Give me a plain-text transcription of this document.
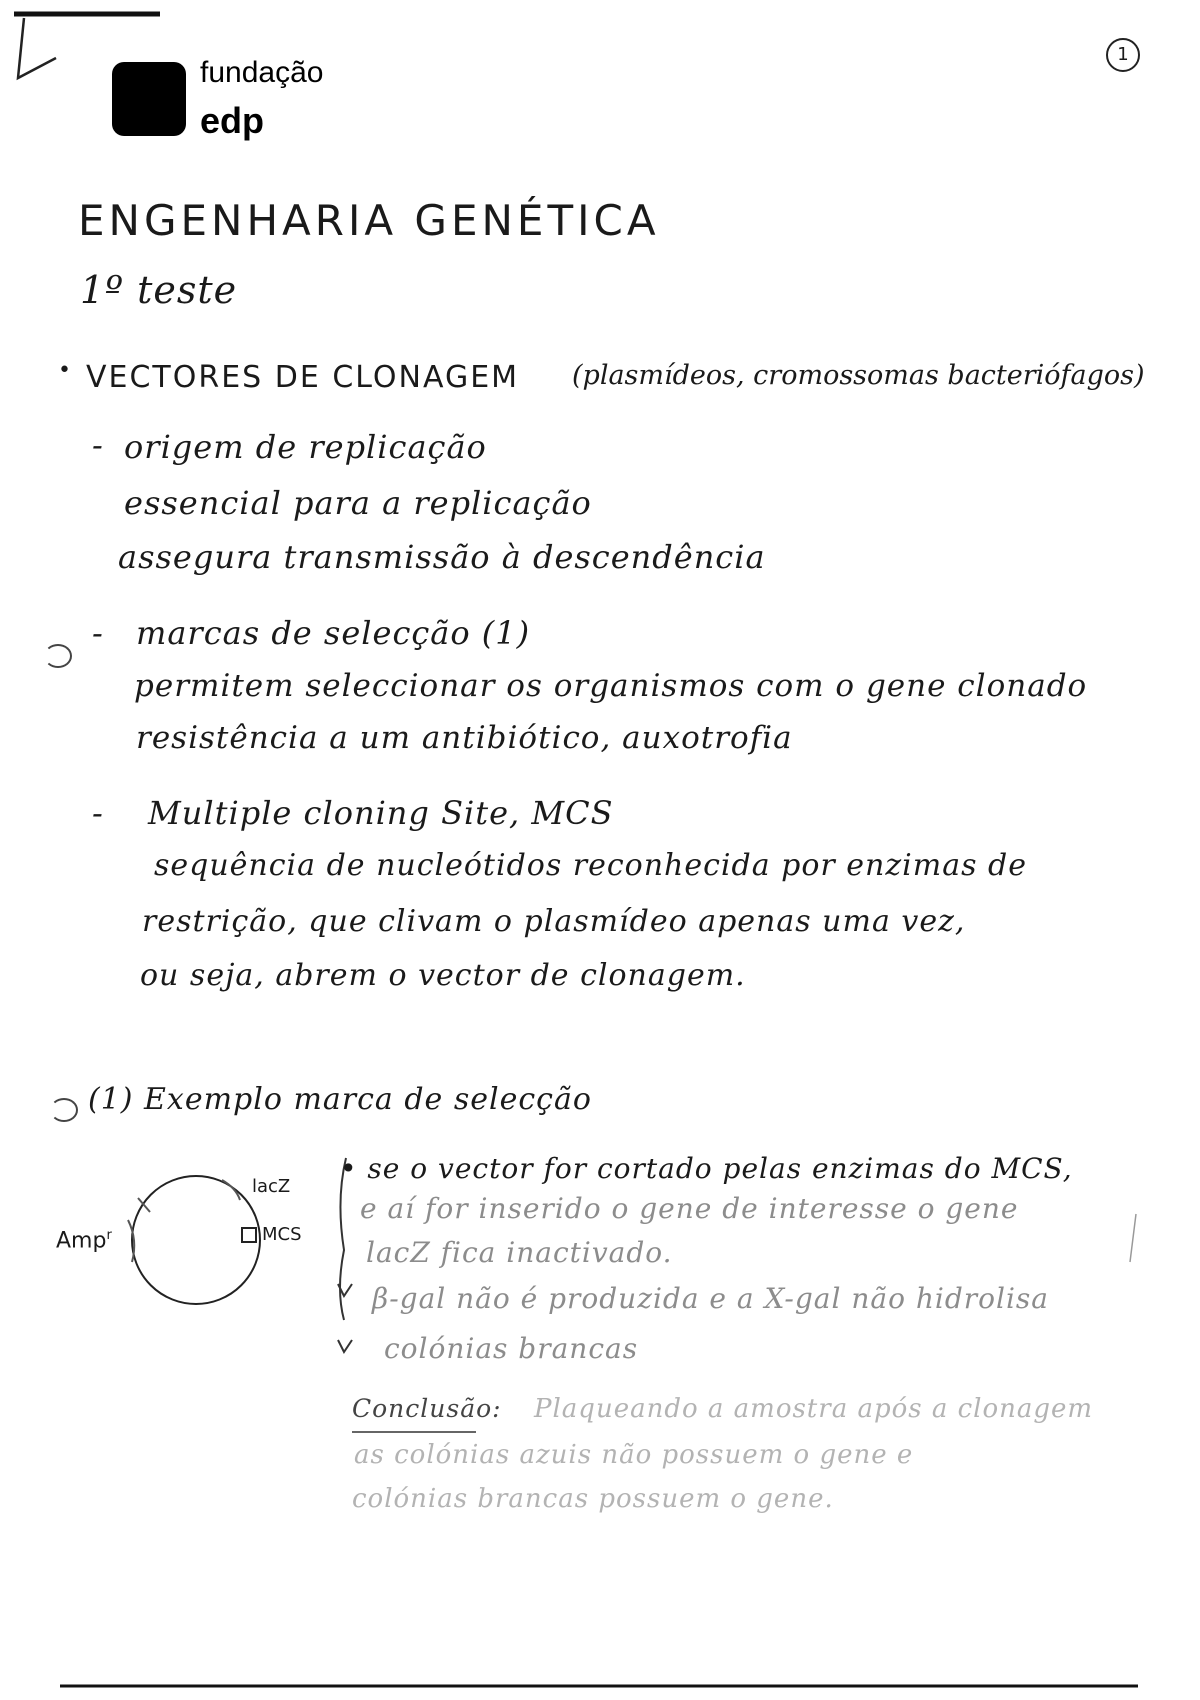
fundação
edp
1
ENGENHARIA GENÉTICA
1º teste
• VECTORES DE CLONAGEM (plasmídeos, cromossomas bacteriófagos)
- origem de replicação
essencial para a replicação
assegura transmissão à descendência
- marcas de selecção (1)
permitem seleccionar os organismos com o gene clonado
resistência a um antibiótico, auxotrofia
- Multiple cloning Site, MCS
sequência de nucleótidos reconhecida por enzimas de
restrição, que clivam o plasmídeo apenas uma vez,
ou seja, abrem o vector de clonagem.
(1) Exemplo marca de selecção
Amp$^r$
lacZ
MCS
• se o vector for cortado pelas enzimas do MCS,
e aí for inserido o gene de interesse o gene
lacZ fica inactivado.
β-gal não é produzida e a X-gal não hidrolisa
colónias brancas
Conclusão: Plaqueando a amostra após a clonagem
as colónias azuis não possuem o gene e
colónias brancas possuem o gene.
